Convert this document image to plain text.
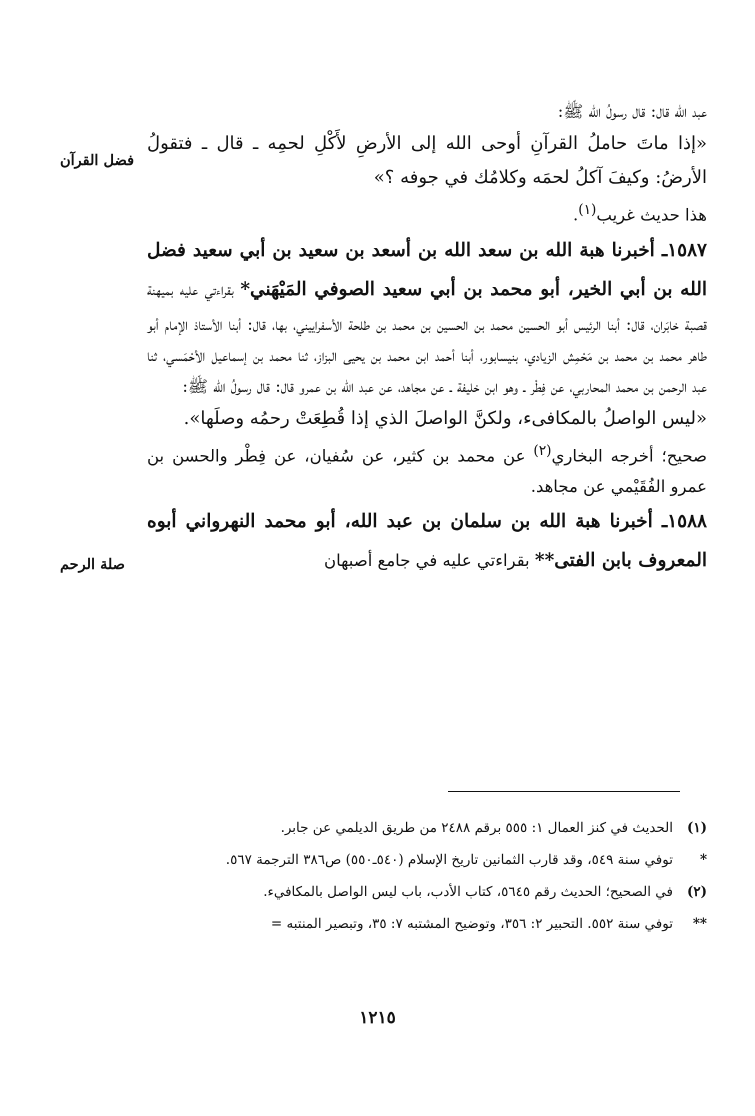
عبد الله قال: قال رسولُ الله ﷺ:

«إذا ماتَ حاملُ القرآنِ أوحى الله إلى الأرضِ لأَكْلِ لحمِه ـ قال ـ فتقولُ الأرضُ: وكيفَ آكلُ لحمَه وكلامُك في جوفه ؟»

هذا حديث غريب$^{(١)}$.

١٥٨٧ـ أخبرنا هبة الله بن سعد الله بن أسعد بن سعيد بن أبي سعيد فضل الله بن أبي الخير، أبو محمد بن أبي سعيد الصوفي المَيْهَني* بقراءتي عليه بميهنة قصبة خابَران، قال: أبنا الرئيس أبو الحسين محمد بن الحسين بن محمد بن طلحة الأسفراييني، بها، قال: أبنا الأستاذ الإمام أبو طاهر محمد بن محمد بن مَحْمِش الزيادي، بنيسابور، أبنا أحمد ابن محمد بن يحيى البزاز، ثنا محمد بن إسماعيل الأحْمَسي، ثنا عبد الرحمن بن محمد المحاربي، عن فِطْر ـ وهو ابن خليفة ـ عن مجاهد، عن عبد الله بن عمرو قال: قال رسولُ الله ﷺ:

«ليس الواصلُ بالمكافىء، ولكنَّ الواصلَ الذي إذا قُطِعَتْ رحمُه وصلَها».

صحيح؛ أخرجه البخاري$^{(٢)}$ عن محمد بن كثير، عن سُفيان، عن فِطْر والحسن بن عمرو الفُقَيْمي عن مجاهد.

١٥٨٨ـ أخبرنا هبة الله بن سلمان بن عبد الله، أبو محمد النهرواني أبوه المعروف بابن الفتى** بقراءتي عليه في جامع أصبهان

فضل القرآن
صلة الرحم
(١)
الحديث في كنز العمال ١: ٥٥٥ برقم ٢٤٨٨ من طريق الديلمي عن جابر.
*
توفي سنة ٥٤٩، وقد قارب الثمانين تاريخ الإسلام (٥٤٠ـ٥٥٠) ص٣٨٦ الترجمة ٥٦٧.
(٢)
في الصحيح؛ الحديث رقم ٥٦٤٥، كتاب الأدب، باب ليس الواصل بالمكافيء.
**
توفي سنة ٥٥٢. التحبير ٢: ٣٥٦، وتوضيح المشتبه ٧: ٣٥، وتبصير المنتبه =
١٢١٥
